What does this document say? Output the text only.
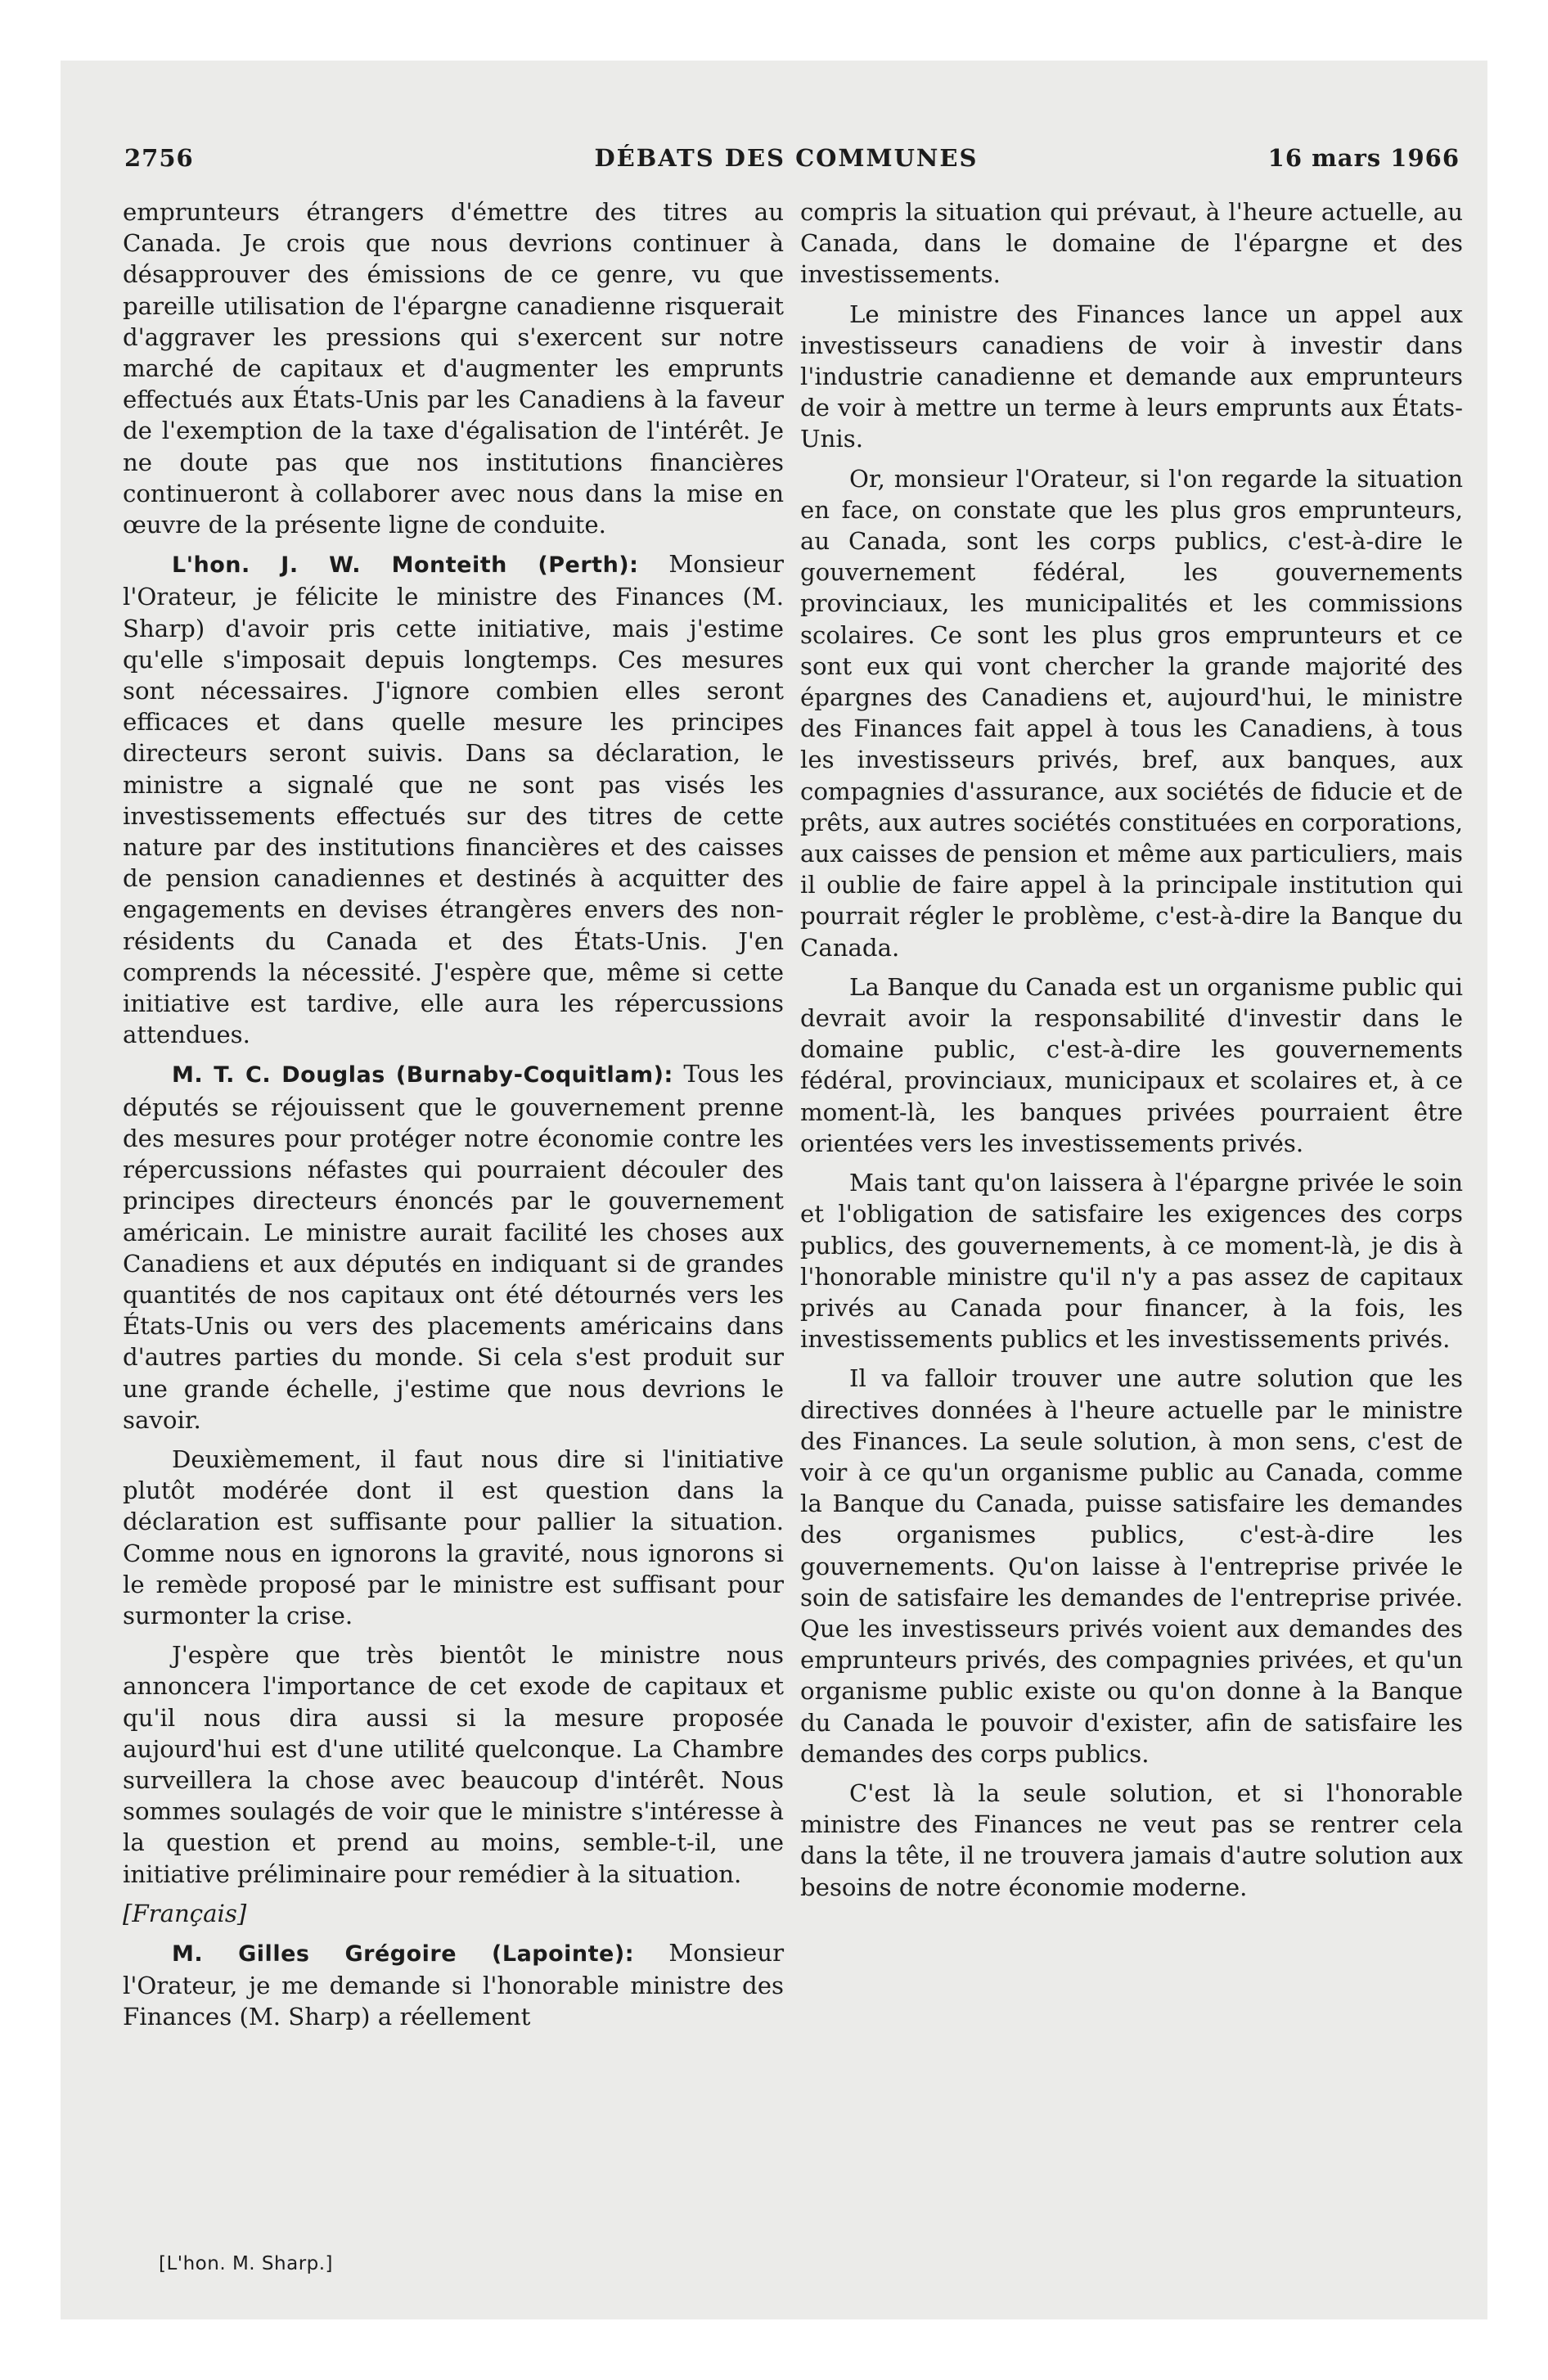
2756	DÉBATS DES COMMUNES	16 mars 1966

emprunteurs étrangers d'émettre des titres au Canada. Je crois que nous devrions continuer à désapprouver des émissions de ce genre, vu que pareille utilisation de l'épargne canadienne risquerait d'aggraver les pressions qui s'exercent sur notre marché de capitaux et d'augmenter les emprunts effectués aux États-Unis par les Canadiens à la faveur de l'exemption de la taxe d'égalisation de l'intérêt. Je ne doute pas que nos institutions financières continueront à collaborer avec nous dans la mise en œuvre de la présente ligne de conduite.

L'hon. J. W. Monteith (Perth): Monsieur l'Orateur, je félicite le ministre des Finances (M. Sharp) d'avoir pris cette initiative, mais j'estime qu'elle s'imposait depuis longtemps. Ces mesures sont nécessaires. J'ignore combien elles seront efficaces et dans quelle mesure les principes directeurs seront suivis. Dans sa déclaration, le ministre a signalé que ne sont pas visés les investissements effectués sur des titres de cette nature par des institutions financières et des caisses de pension canadiennes et destinés à acquitter des engagements en devises étrangères envers des non-résidents du Canada et des États-Unis. J'en comprends la nécessité. J'espère que, même si cette initiative est tardive, elle aura les répercussions attendues.

M. T. C. Douglas (Burnaby-Coquitlam): Tous les députés se réjouissent que le gouvernement prenne des mesures pour protéger notre économie contre les répercussions néfastes qui pourraient découler des principes directeurs énoncés par le gouvernement américain. Le ministre aurait facilité les choses aux Canadiens et aux députés en indiquant si de grandes quantités de nos capitaux ont été détournés vers les États-Unis ou vers des placements américains dans d'autres parties du monde. Si cela s'est produit sur une grande échelle, j'estime que nous devrions le savoir.

Deuxièmement, il faut nous dire si l'initiative plutôt modérée dont il est question dans la déclaration est suffisante pour pallier la situation. Comme nous en ignorons la gravité, nous ignorons si le remède proposé par le ministre est suffisant pour surmonter la crise.

J'espère que très bientôt le ministre nous annoncera l'importance de cet exode de capitaux et qu'il nous dira aussi si la mesure proposée aujourd'hui est d'une utilité quelconque. La Chambre surveillera la chose avec beaucoup d'intérêt. Nous sommes soulagés de voir que le ministre s'intéresse à la question et prend au moins, semble-t-il, une initiative préliminaire pour remédier à la situation.

[Français]

M. Gilles Grégoire (Lapointe): Monsieur l'Orateur, je me demande si l'honorable ministre des Finances (M. Sharp) a réellement

compris la situation qui prévaut, à l'heure actuelle, au Canada, dans le domaine de l'épargne et des investissements.

Le ministre des Finances lance un appel aux investisseurs canadiens de voir à investir dans l'industrie canadienne et demande aux emprunteurs de voir à mettre un terme à leurs emprunts aux États-Unis.

Or, monsieur l'Orateur, si l'on regarde la situation en face, on constate que les plus gros emprunteurs, au Canada, sont les corps publics, c'est-à-dire le gouvernement fédéral, les gouvernements provinciaux, les municipalités et les commissions scolaires. Ce sont les plus gros emprunteurs et ce sont eux qui vont chercher la grande majorité des épargnes des Canadiens et, aujourd'hui, le ministre des Finances fait appel à tous les Canadiens, à tous les investisseurs privés, bref, aux banques, aux compagnies d'assurance, aux sociétés de fiducie et de prêts, aux autres sociétés constituées en corporations, aux caisses de pension et même aux particuliers, mais il oublie de faire appel à la principale institution qui pourrait régler le problème, c'est-à-dire la Banque du Canada.

La Banque du Canada est un organisme public qui devrait avoir la responsabilité d'investir dans le domaine public, c'est-à-dire les gouvernements fédéral, provinciaux, municipaux et scolaires et, à ce moment-là, les banques privées pourraient être orientées vers les investissements privés.

Mais tant qu'on laissera à l'épargne privée le soin et l'obligation de satisfaire les exigences des corps publics, des gouvernements, à ce moment-là, je dis à l'honorable ministre qu'il n'y a pas assez de capitaux privés au Canada pour financer, à la fois, les investissements publics et les investissements privés.

Il va falloir trouver une autre solution que les directives données à l'heure actuelle par le ministre des Finances. La seule solution, à mon sens, c'est de voir à ce qu'un organisme public au Canada, comme la Banque du Canada, puisse satisfaire les demandes des organismes publics, c'est-à-dire les gouvernements. Qu'on laisse à l'entreprise privée le soin de satisfaire les demandes de l'entreprise privée. Que les investisseurs privés voient aux demandes des emprunteurs privés, des compagnies privées, et qu'un organisme public existe ou qu'on donne à la Banque du Canada le pouvoir d'exister, afin de satisfaire les demandes des corps publics.

C'est là la seule solution, et si l'honorable ministre des Finances ne veut pas se rentrer cela dans la tête, il ne trouvera jamais d'autre solution aux besoins de notre économie moderne.

[L'hon. M. Sharp.]
